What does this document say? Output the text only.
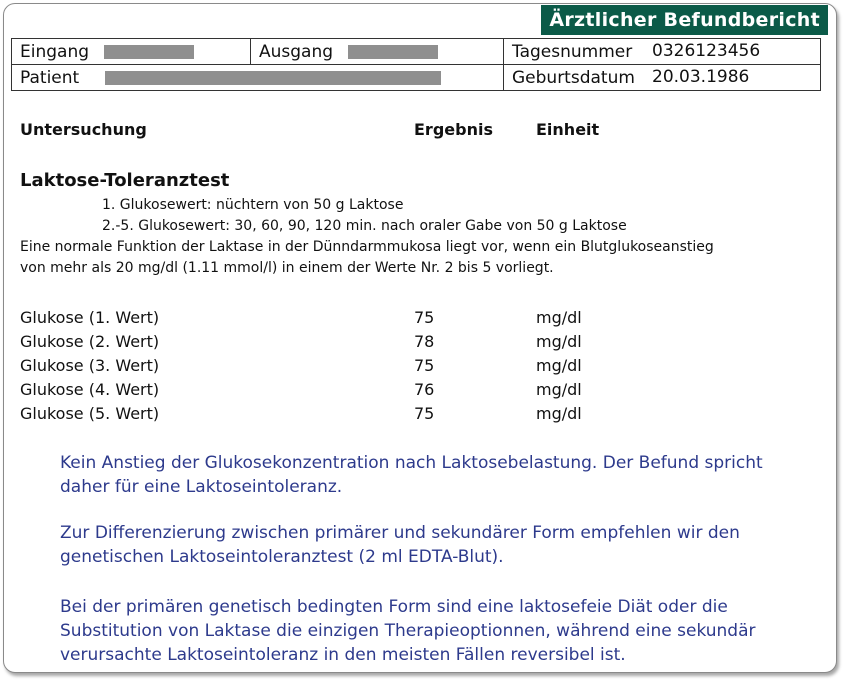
Ärztlicher Befundbericht
Eingang	Ausgang	Tagesnummer 0326123456

Patient		Geburtsdatum 20.03.1986
Untersuchung	Ergebnis	Einheit
Laktose-Toleranztest
1. Glukosewert: nüchtern von 50 g Laktose
2.-5. Glukosewert: 30, 60, 90, 120 min. nach oraler Gabe von 50 g Laktose
Eine normale Funktion der Laktase in der Dünndarmmukosa liegt vor, wenn ein Blutglukoseanstieg
von mehr als 20 mg/dl (1.11 mmol/l) in einem der Werte Nr. 2 bis 5 vorliegt.
Glukose (1. Wert)	75	mg/dl
Glukose (2. Wert)	78	mg/dl
Glukose (3. Wert)	75	mg/dl
Glukose (4. Wert)	76	mg/dl
Glukose (5. Wert)	75	mg/dl
Kein Anstieg der Glukosekonzentration nach Laktosebelastung. Der Befund spricht daher für eine Laktoseintoleranz.
Zur Differenzierung zwischen primärer und sekundärer Form empfehlen wir den genetischen Laktoseintoleranztest (2 ml EDTA-Blut).
Bei der primären genetisch bedingten Form sind eine laktosefeie Diät oder die Substitution von Laktase die einzigen Therapieoptionnen, während eine sekundär verursachte Laktoseintoleranz in den meisten Fällen reversibel ist.
